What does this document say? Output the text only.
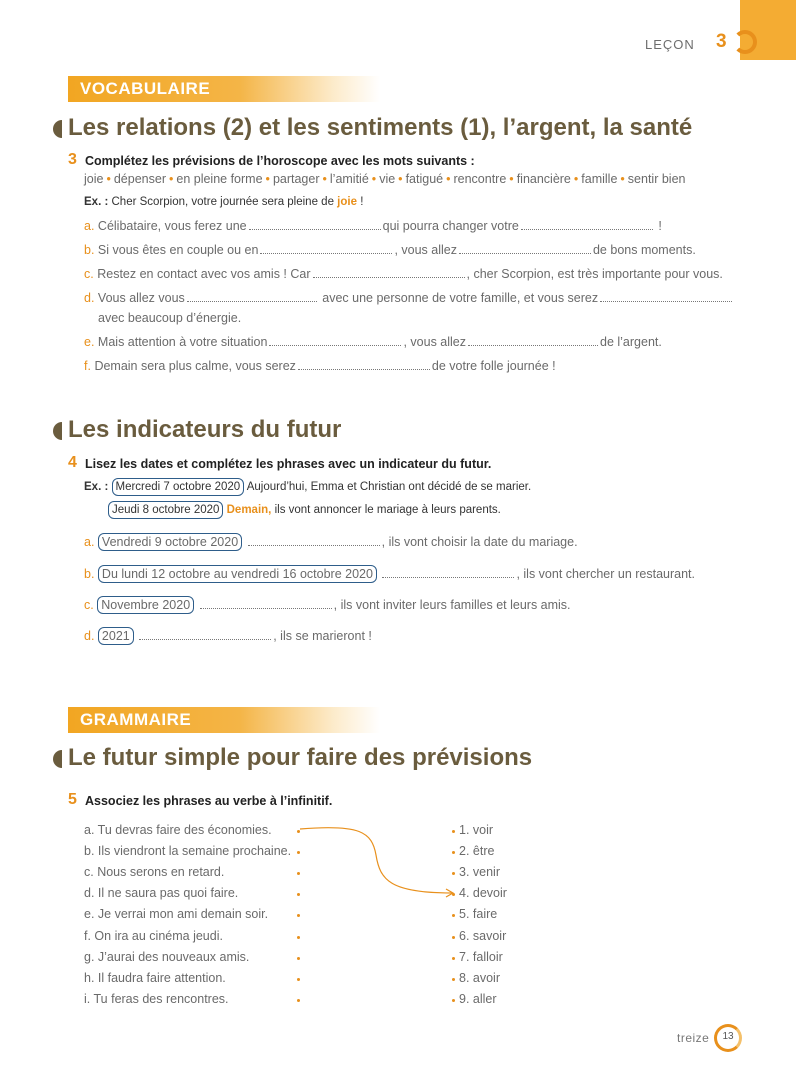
LEÇON 3
VOCABULAIRE
Les relations (2) et les sentiments (1), l’argent, la santé
3 Complétez les prévisions de l’horoscope avec les mots suivants :
joie • dépenser • en pleine forme • partager • l’amitié • vie • fatigué • rencontre • financière • famille • sentir bien
Ex. : Cher Scorpion, votre journée sera pleine de joie !
a. Célibataire, vous ferez une	qui pourra changer votre	!
b. Si vous êtes en couple ou en	, vous allez	de bons moments.
c. Restez en contact avec vos amis ! Car	, cher Scorpion, est très importante pour vous.
d. Vous allez vous	avec une personne de votre famille, et vous serez
avec beaucoup d’énergie.
e. Mais attention à votre situation	, vous allez	de l’argent.
f. Demain sera plus calme, vous serez	de votre folle journée !
Les indicateurs du futur
4 Lisez les dates et complétez les phrases avec un indicateur du futur.
Ex. : Mercredi 7 octobre 2020 Aujourd’hui, Emma et Christian ont décidé de se marier.
Jeudi 8 octobre 2020 Demain, ils vont annoncer le mariage à leurs parents.
a. Vendredi 9 octobre 2020	, ils vont choisir la date du mariage.
b. Du lundi 12 octobre au vendredi 16 octobre 2020	, ils vont chercher un restaurant.
c. Novembre 2020	, ils vont inviter leurs familles et leurs amis.
d. 2021	, ils se marieront !
GRAMMAIRE
Le futur simple pour faire des prévisions
5 Associez les phrases au verbe à l’infinitif.
a. Tu devras faire des économies.
b. Ils viendront la semaine prochaine.
c. Nous serons en retard.
d. Il ne saura pas quoi faire.
e. Je verrai mon ami demain soir.
f. On ira au cinéma jeudi.
g. J’aurai des nouveaux amis.
h. Il faudra faire attention.
i. Tu feras des rencontres.
1. voir
2. être
3. venir
4. devoir
5. faire
6. savoir
7. falloir
8. avoir
9. aller
treize	13
